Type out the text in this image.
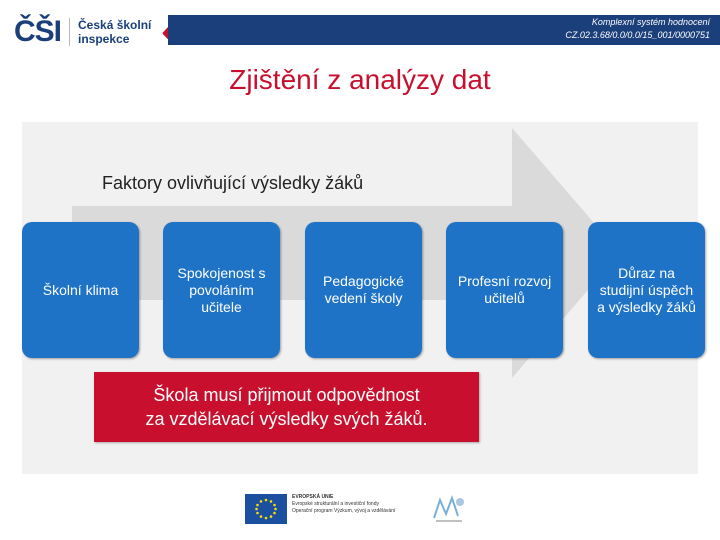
ČŠI Česká školní
inspekce	‹‹‹	Komplexní systém hodnocení
CZ.02.3.68/0.0/0.0/15_001/0000751
Zjištění z analýzy dat
Faktory ovlivňující výsledky žáků
Školní klima
Spokojenost s povoláním učitele
Pedagogické vedení školy
Profesní rozvoj učitelů
Důraz na studijní úspěch a výsledky žáků
Škola musí přijmout odpovědnost
za vzdělávací výsledky svých žáků.
EVROPSKÁ UNIE
Evropské strukturální a investiční fondy
Operační program Výzkum, vývoj a vzdělávání
